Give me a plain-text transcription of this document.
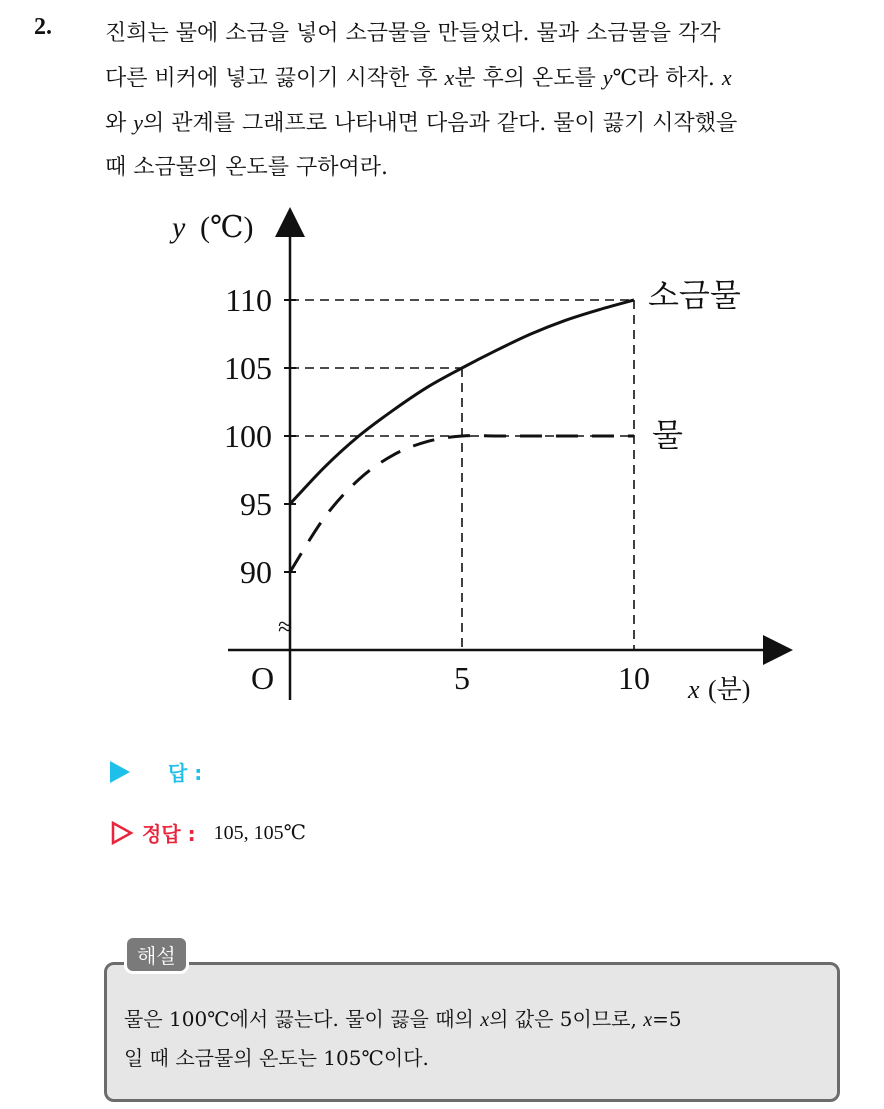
2. 진희는 물에 소금을 넣어 소금물을 만들었다. 물과 소금물을 각각
다른 비커에 넣고 끓이기 시작한 후 x분 후의 온도를 y℃라 하자. x
와 y의 관계를 그래프로 나타내면 다음과 같다. 물이 끓기 시작했을
때 소금물의 온도를 구하여라.
90
95
100
105
110
5	10
y (℃)
x (분)
O
≈
소금물
물
답 :
정답 : 105, 105℃
해설
물은 100℃에서 끓는다. 물이 끓을 때의 x의 값은 5이므로, x=5
일 때 소금물의 온도는 105℃이다.
